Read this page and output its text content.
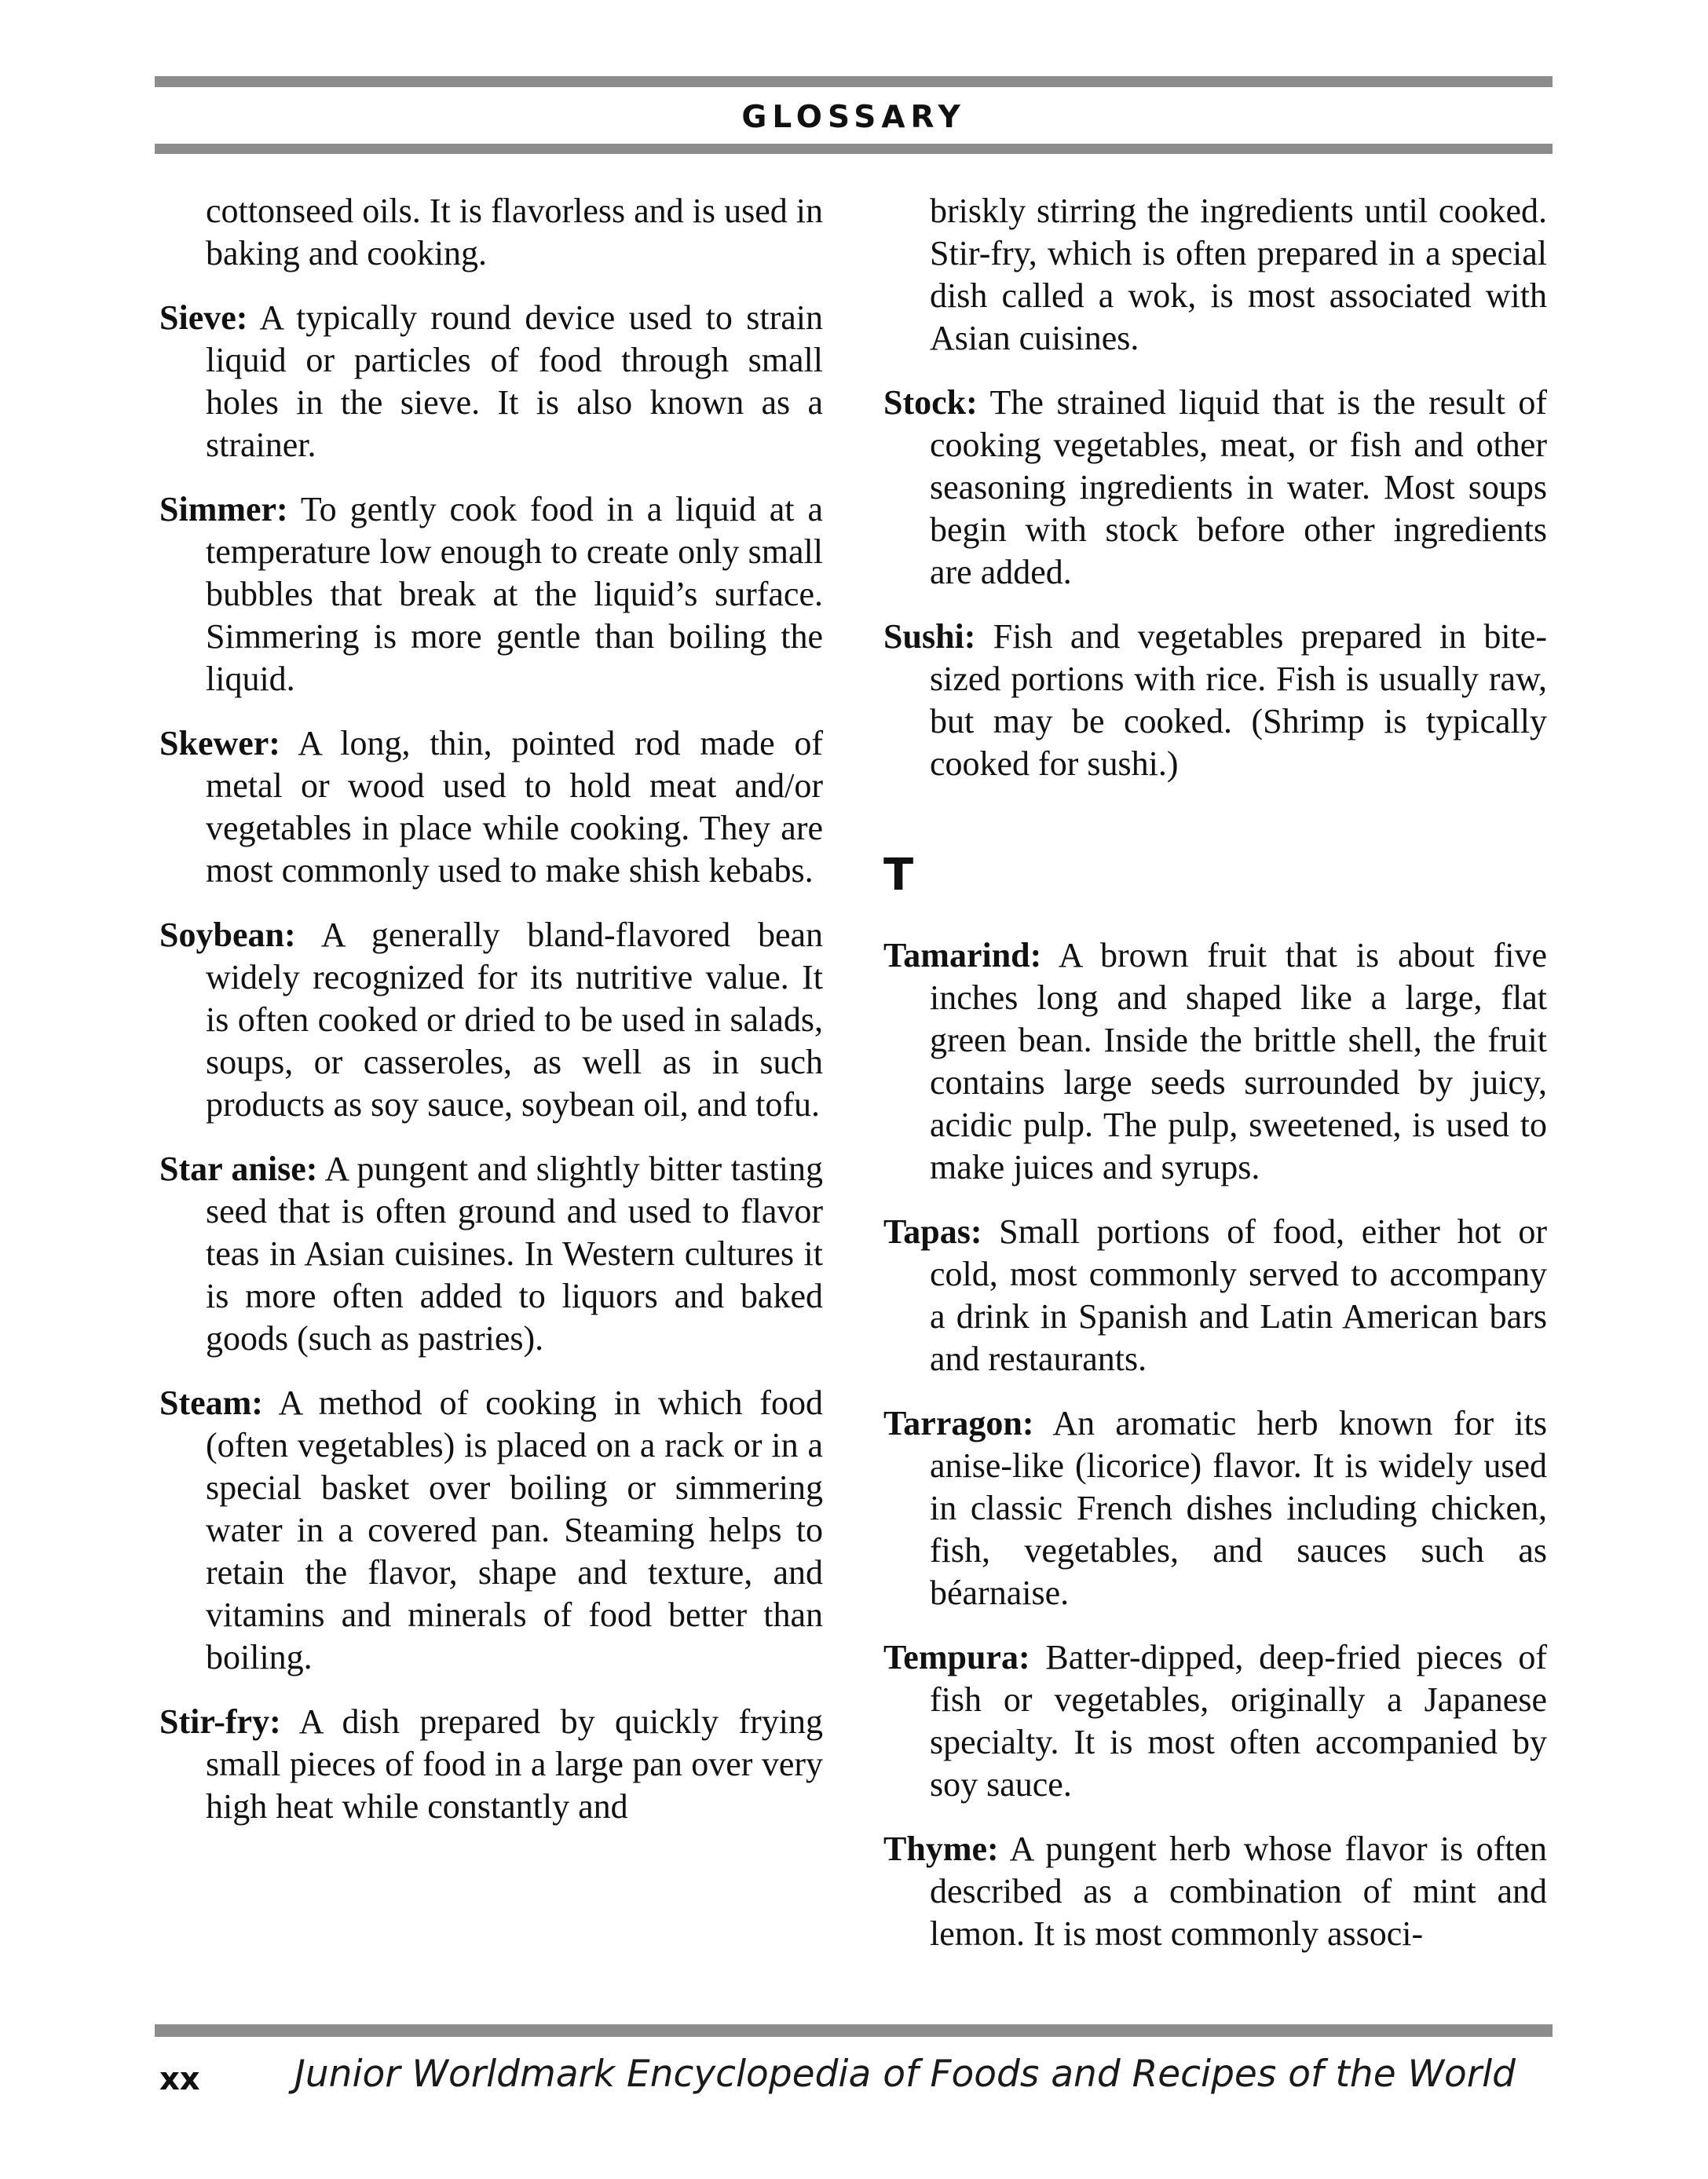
GLOSSARY

cottonseed oils. It is flavorless and is used in baking and cooking.

Sieve: A typically round device used to strain liquid or particles of food through small holes in the sieve. It is also known as a strainer.

Simmer: To gently cook food in a liquid at a temperature low enough to create only small bubbles that break at the liquid’s surface. Simmering is more gentle than boiling the liquid.

Skewer: A long, thin, pointed rod made of metal or wood used to hold meat and/or vegetables in place while cooking. They are most commonly used to make shish kebabs.

Soybean: A generally bland-flavored bean widely recognized for its nutritive value. It is often cooked or dried to be used in salads, soups, or casseroles, as well as in such products as soy sauce, soybean oil, and tofu.

Star anise: A pungent and slightly bitter tasting seed that is often ground and used to flavor teas in Asian cuisines. In Western cultures it is more often added to liquors and baked goods (such as pastries).

Steam: A method of cooking in which food (often vegetables) is placed on a rack or in a special basket over boiling or simmering water in a covered pan. Steaming helps to retain the flavor, shape and texture, and vitamins and minerals of food better than boiling.

Stir-fry: A dish prepared by quickly frying small pieces of food in a large pan over very high heat while constantly and

briskly stirring the ingredients until cooked. Stir-fry, which is often prepared in a special dish called a wok, is most associated with Asian cuisines.

Stock: The strained liquid that is the result of cooking vegetables, meat, or fish and other seasoning ingredients in water. Most soups begin with stock before other ingredients are added.

Sushi: Fish and vegetables prepared in bite-sized portions with rice. Fish is usually raw, but may be cooked. (Shrimp is typically cooked for sushi.)

T

Tamarind: A brown fruit that is about five inches long and shaped like a large, flat green bean. Inside the brittle shell, the fruit contains large seeds surrounded by juicy, acidic pulp. The pulp, sweetened, is used to make juices and syrups.

Tapas: Small portions of food, either hot or cold, most commonly served to accompany a drink in Spanish and Latin American bars and restaurants.

Tarragon: An aromatic herb known for its anise-like (licorice) flavor. It is widely used in classic French dishes including chicken, fish, vegetables, and sauces such as béarnaise.

Tempura: Batter-dipped, deep-fried pieces of fish or vegetables, originally a Japanese specialty. It is most often accompanied by soy sauce.

Thyme: A pungent herb whose flavor is often described as a combination of mint and lemon. It is most commonly associ-

xx	Junior Worldmark Encyclopedia of Foods and Recipes of the World
